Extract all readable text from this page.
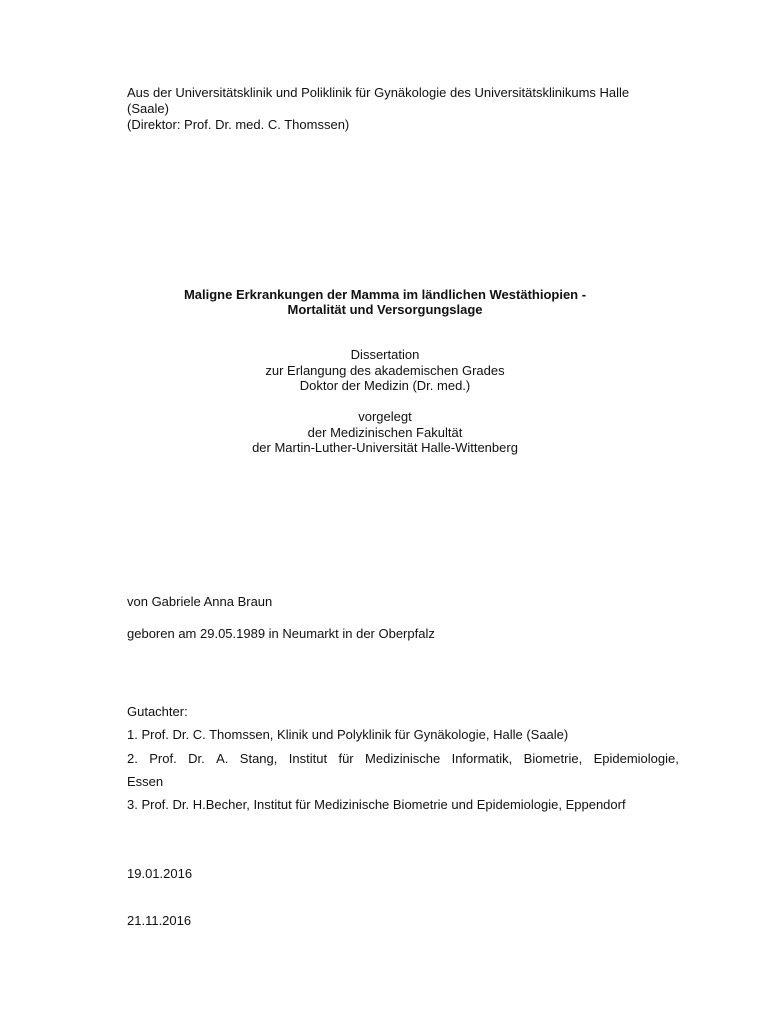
Aus der Universitätsklinik und Poliklinik für Gynäkologie des Universitätsklinikums Halle
(Saale)
(Direktor: Prof. Dr. med. C. Thomssen)
Maligne Erkrankungen der Mamma im ländlichen Westäthiopien -
Mortalität und Versorgungslage
Dissertation
zur Erlangung des akademischen Grades
Doktor der Medizin (Dr. med.)
vorgelegt
der Medizinischen Fakultät
der Martin-Luther-Universität Halle-Wittenberg
von Gabriele Anna Braun
geboren am 29.05.1989 in Neumarkt in der Oberpfalz
Gutachter:
1. Prof. Dr. C. Thomssen, Klinik und Polyklinik für Gynäkologie, Halle (Saale)
2. Prof. Dr. A. Stang, Institut für Medizinische Informatik, Biometrie, Epidemiologie,
Essen
3. Prof. Dr. H.Becher, Institut für Medizinische Biometrie und Epidemiologie, Eppendorf
19.01.2016
21.11.2016
